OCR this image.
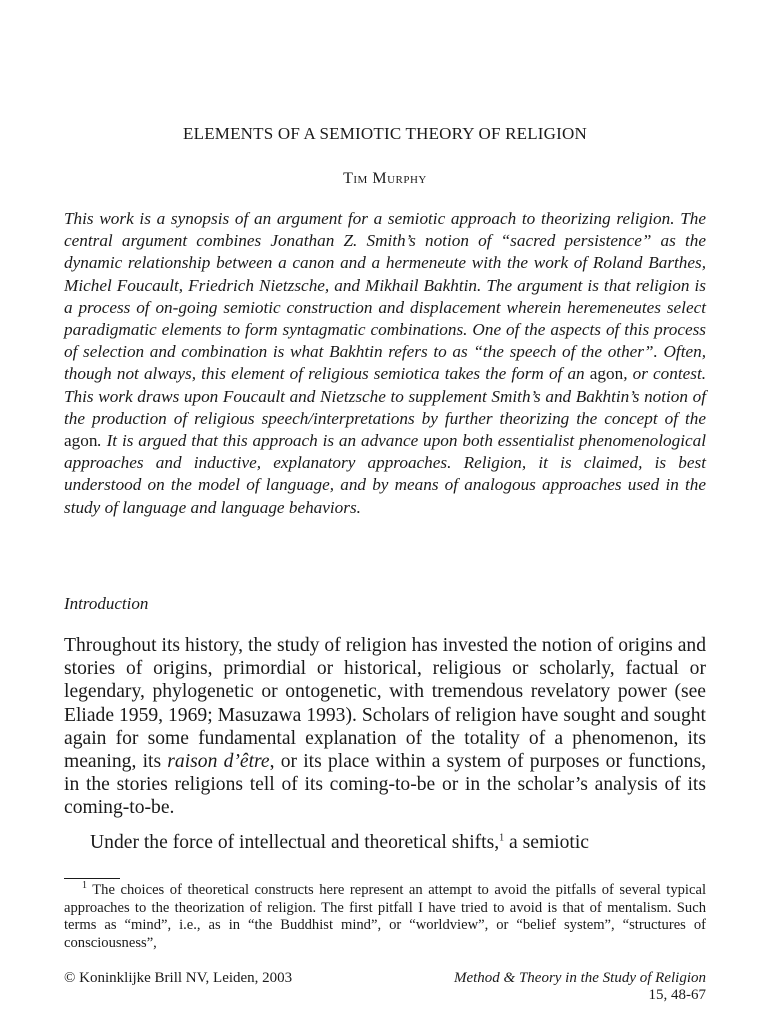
ELEMENTS OF A SEMIOTIC THEORY OF RELIGION
Tim Murphy

This work is a synopsis of an argument for a semiotic approach to theorizing religion. The central argument combines Jonathan Z. Smith’s notion of “sacred persistence” as the dynamic relationship between a canon and a hermeneute with the work of Roland Barthes, Michel Foucault, Friedrich Nietzsche, and Mikhail Bakhtin. The argument is that religion is a process of on-going semiotic construction and displacement wherein heremeneutes select paradigmatic elements to form syntagmatic combinations. One of the aspects of this process of selection and combination is what Bakhtin refers to as “the speech of the other”. Often, though not always, this element of religious semiotica takes the form of an agon, or contest. This work draws upon Foucault and Nietzsche to supplement Smith’s and Bakhtin’s notion of the production of religious speech/interpretations by further theorizing the concept of the agon. It is argued that this approach is an advance upon both essentialist phenomenological approaches and inductive, explanatory approaches. Religion, it is claimed, is best understood on the model of language, and by means of analogous approaches used in the study of language and language behaviors.

Introduction

Throughout its history, the study of religion has invested the notion of origins and stories of origins, primordial or historical, religious or scholarly, factual or legendary, phylogenetic or ontogenetic, with tremendous revelatory power (see Eliade 1959, 1969; Masuzawa 1993). Scholars of religion have sought and sought again for some fundamental explanation of the totality of a phenomenon, its meaning, its raison d’être, or its place within a system of purposes or functions, in the stories religions tell of its coming-to-be or in the scholar’s analysis of its coming-to-be.

Under the force of intellectual and theoretical shifts,$^1$ a semiotic

$^1$ The choices of theoretical constructs here represent an attempt to avoid the pitfalls of several typical approaches to the theorization of religion. The first pitfall I have tried to avoid is that of mentalism. Such terms as “mind”, i.e., as in “the Buddhist mind”, or “worldview”, or “belief system”, “structures of consciousness”,

© Koninklijke Brill NV, Leiden, 2003	Method & Theory in the Study of Religion
15, 48-67
